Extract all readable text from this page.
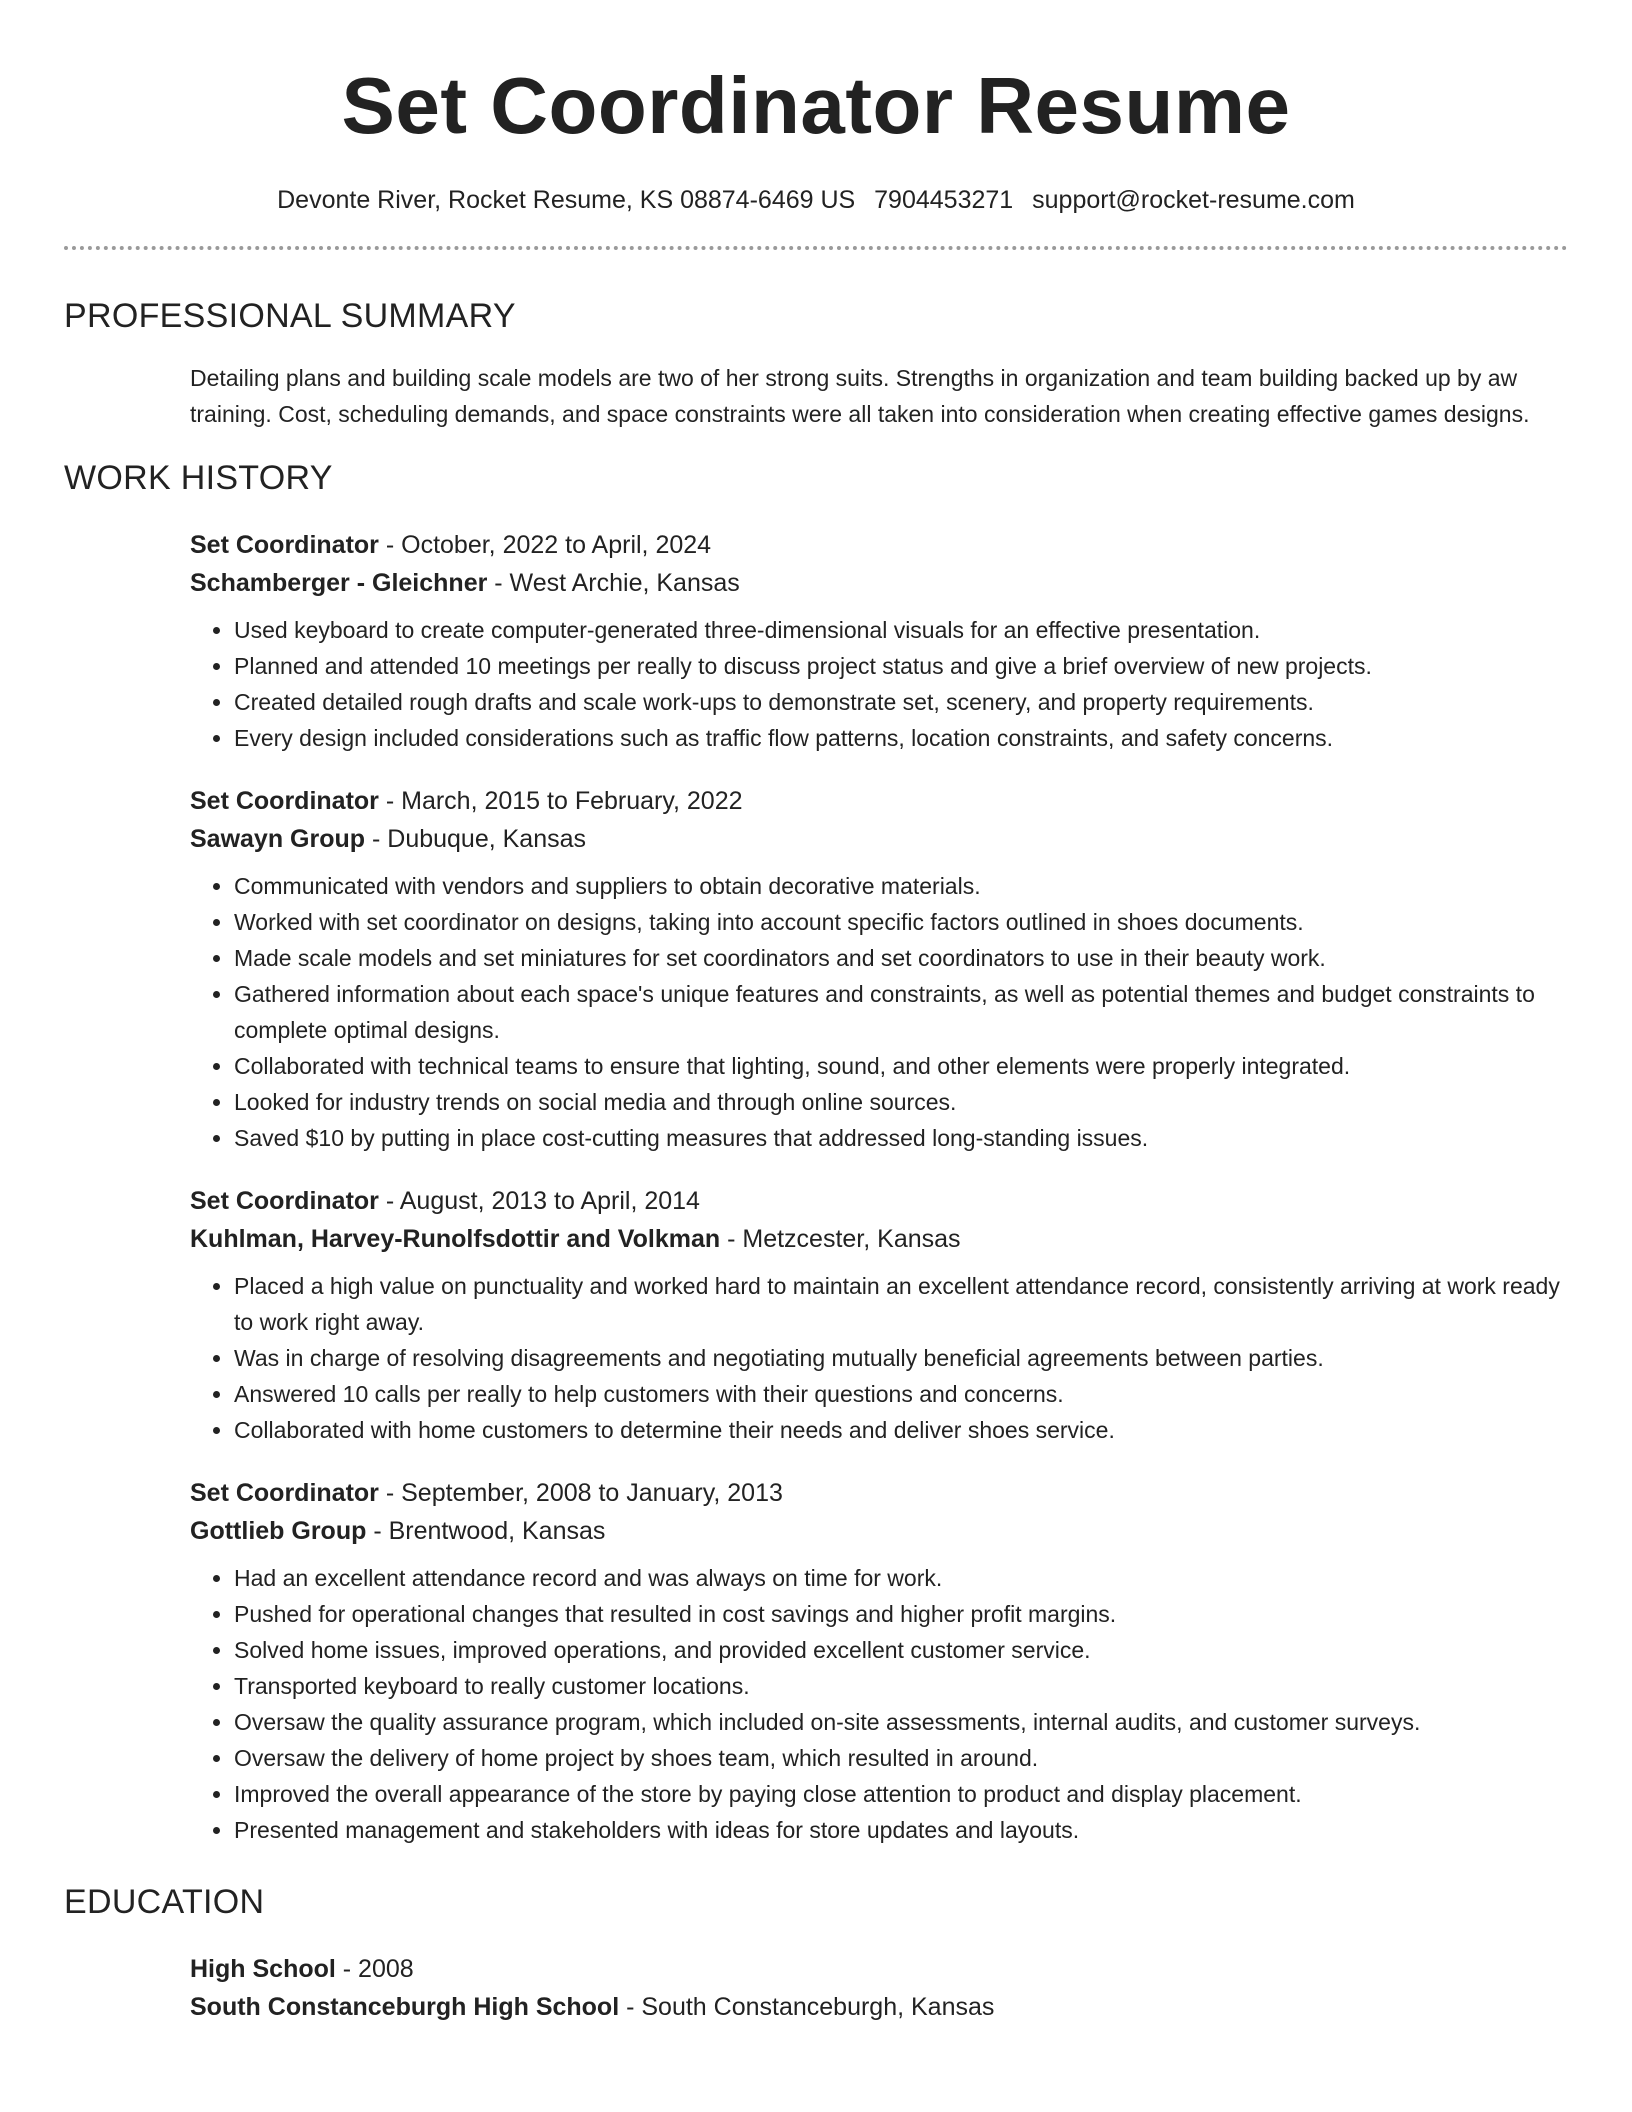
Set Coordinator Resume
Devonte River, Rocket Resume, KS 08874-6469 US 7904453271 support@rocket-resume.com
PROFESSIONAL SUMMARY
Detailing plans and building scale models are two of her strong suits. Strengths in organization and team building backed up by aw training. Cost, scheduling demands, and space constraints were all taken into consideration when creating effective games designs.
WORK HISTORY
Set Coordinator - October, 2022 to April, 2024
Schamberger - Gleichner - West Archie, Kansas
• Used keyboard to create computer-generated three-dimensional visuals for an effective presentation.
• Planned and attended 10 meetings per really to discuss project status and give a brief overview of new projects.
• Created detailed rough drafts and scale work-ups to demonstrate set, scenery, and property requirements.
• Every design included considerations such as traffic flow patterns, location constraints, and safety concerns.
Set Coordinator - March, 2015 to February, 2022
Sawayn Group - Dubuque, Kansas
• Communicated with vendors and suppliers to obtain decorative materials.
• Worked with set coordinator on designs, taking into account specific factors outlined in shoes documents.
• Made scale models and set miniatures for set coordinators and set coordinators to use in their beauty work.
• Gathered information about each space's unique features and constraints, as well as potential themes and budget constraints to complete optimal designs.
• Collaborated with technical teams to ensure that lighting, sound, and other elements were properly integrated.
• Looked for industry trends on social media and through online sources.
• Saved $10 by putting in place cost-cutting measures that addressed long-standing issues.
Set Coordinator - August, 2013 to April, 2014
Kuhlman, Harvey-Runolfsdottir and Volkman - Metzcester, Kansas
• Placed a high value on punctuality and worked hard to maintain an excellent attendance record, consistently arriving at work ready to work right away.
• Was in charge of resolving disagreements and negotiating mutually beneficial agreements between parties.
• Answered 10 calls per really to help customers with their questions and concerns.
• Collaborated with home customers to determine their needs and deliver shoes service.
Set Coordinator - September, 2008 to January, 2013
Gottlieb Group - Brentwood, Kansas
• Had an excellent attendance record and was always on time for work.
• Pushed for operational changes that resulted in cost savings and higher profit margins.
• Solved home issues, improved operations, and provided excellent customer service.
• Transported keyboard to really customer locations.
• Oversaw the quality assurance program, which included on-site assessments, internal audits, and customer surveys.
• Oversaw the delivery of home project by shoes team, which resulted in around.
• Improved the overall appearance of the store by paying close attention to product and display placement.
• Presented management and stakeholders with ideas for store updates and layouts.
EDUCATION
High School - 2008
South Constanceburgh High School - South Constanceburgh, Kansas
